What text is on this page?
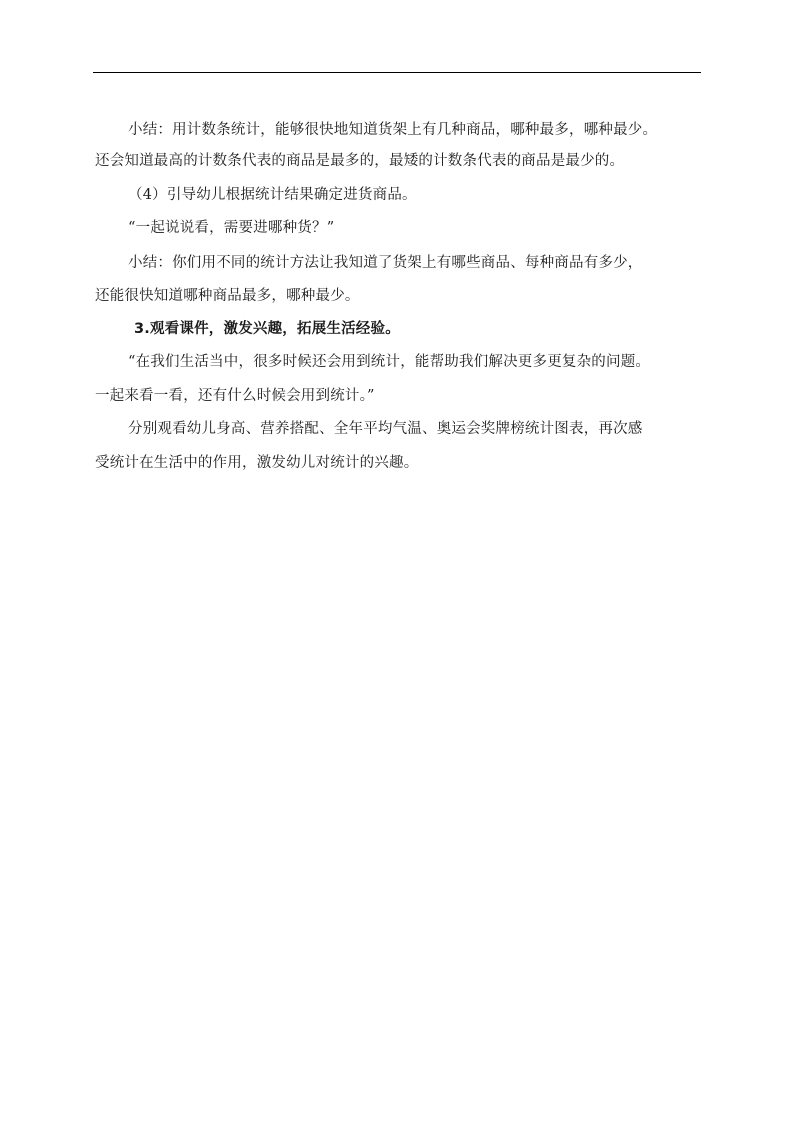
小结：用计数条统计，能够很快地知道货架上有几种商品，哪种最多，哪种最少。
还会知道最高的计数条代表的商品是最多的，最矮的计数条代表的商品是最少的。
（4）引导幼儿根据统计结果确定进货商品。
“一起说说看，需要进哪种货？”
小结：你们用不同的统计方法让我知道了货架上有哪些商品、每种商品有多少，
还能很快知道哪种商品最多，哪种最少。
3.观看课件，激发兴趣，拓展生活经验。
“在我们生活当中，很多时候还会用到统计，能帮助我们解决更多更复杂的问题。
一起来看一看，还有什么时候会用到统计。”
分别观看幼儿身高、营养搭配、全年平均气温、奥运会奖牌榜统计图表，再次感
受统计在生活中的作用，激发幼儿对统计的兴趣。
